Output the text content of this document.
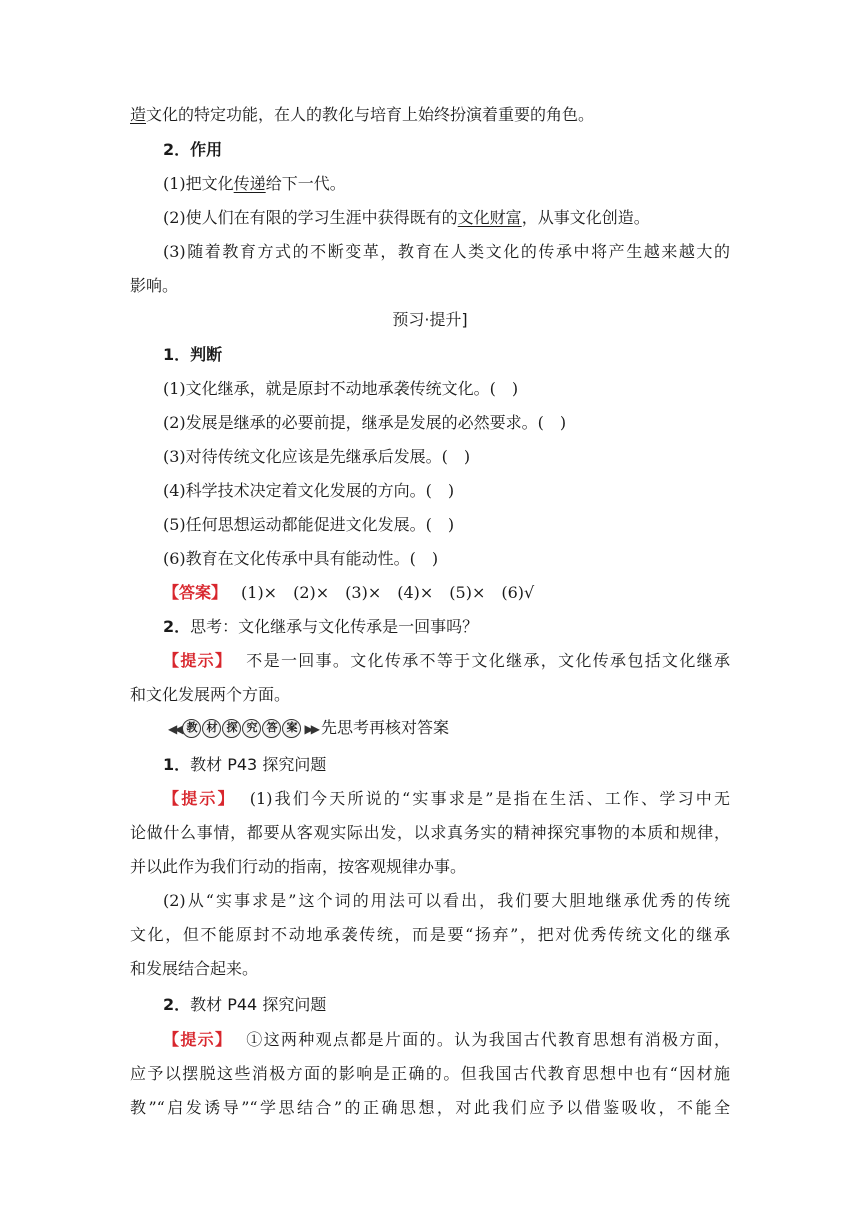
造文化的特定功能，在人的教化与培育上始终扮演着重要的角色。
2．作用
(1)把文化传递给下一代。
(2)使人们在有限的学习生涯中获得既有的文化财富，从事文化创造。
(3)随着教育方式的不断变革，教育在人类文化的传承中将产生越来越大的
影响。
预习·提升]
1．判断
(1)文化继承，就是原封不动地承袭传统文化。( )
(2)发展是继承的必要前提，继承是发展的必然要求。( )
(3)对待传统文化应该是先继承后发展。( )
(4)科学技术决定着文化发展的方向。( )
(5)任何思想运动都能促进文化发展。( )
(6)教育在文化传承中具有能动性。( )
【答案】 (1)× (2)× (3)× (4)× (5)× (6)√
2．思考：文化继承与文化传承是一回事吗？
【提示】 不是一回事。文化传承不等于文化继承，文化传承包括文化继承
和文化发展两个方面。
◀◀ 教 材 探 究 答 案 ▶▶ 先思考再核对答案
1．教材 P43 探究问题
【提示】 (1)我们今天所说的“实事求是”是指在生活、工作、学习中无
论做什么事情，都要从客观实际出发，以求真务实的精神探究事物的本质和规律，
并以此作为我们行动的指南，按客观规律办事。
(2)从“实事求是”这个词的用法可以看出，我们要大胆地继承优秀的传统
文化，但不能原封不动地承袭传统，而是要“扬弃”，把对优秀传统文化的继承
和发展结合起来。
2．教材 P44 探究问题
【提示】 ①这两种观点都是片面的。认为我国古代教育思想有消极方面，
应予以摆脱这些消极方面的影响是正确的。但我国古代教育思想中也有“因材施
教”“启发诱导”“学思结合”的正确思想，对此我们应予以借鉴吸收，不能全
